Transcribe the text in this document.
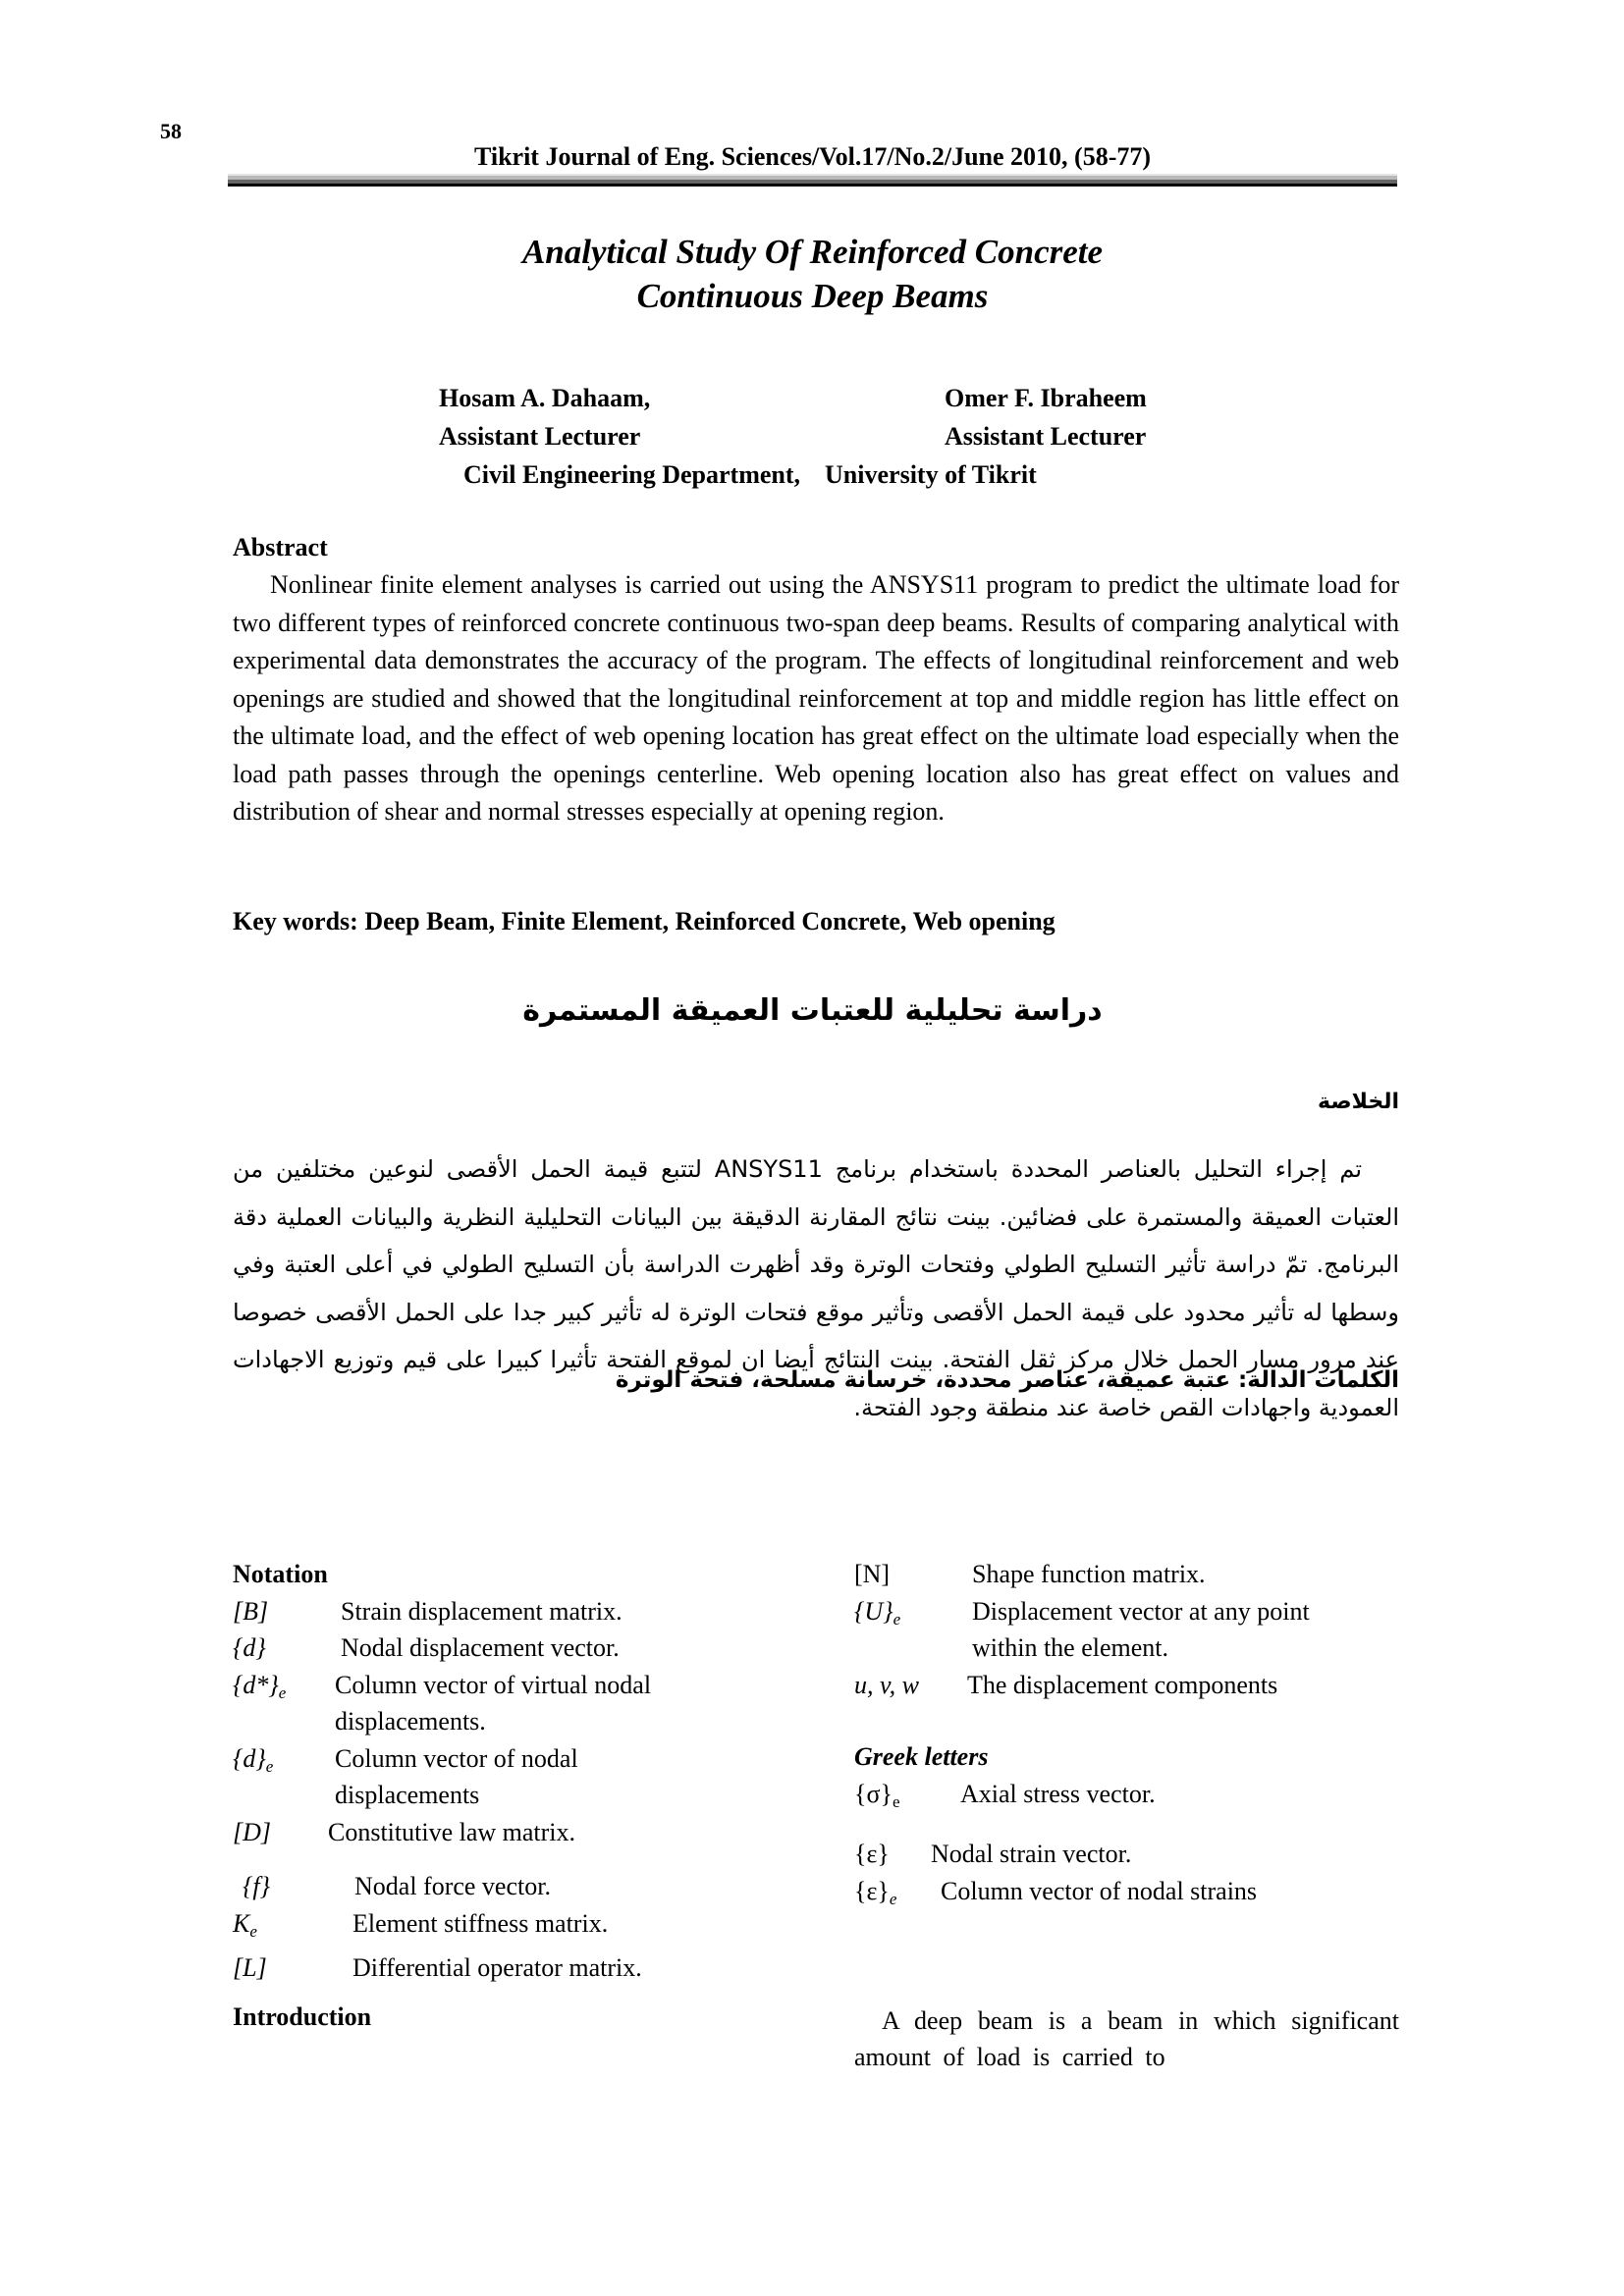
58
Tikrit Journal of Eng. Sciences/Vol.17/No.2/June 2010, (58-77)
Analytical Study Of Reinforced Concrete
Continuous Deep Beams
Hosam A. Dahaam,	Omer F. Ibraheem
Assistant Lecturer	Assistant Lecturer
Civil Engineering Department, University of Tikrit
Abstract
Nonlinear finite element analyses is carried out using the ANSYS11 program to predict the ultimate load for two different types of reinforced concrete continuous two-span deep beams. Results of comparing analytical with experimental data demonstrates the accuracy of the program. The effects of longitudinal reinforcement and web openings are studied and showed that the longitudinal reinforcement at top and middle region has little effect on the ultimate load, and the effect of web opening location has great effect on the ultimate load especially when the load path passes through the openings centerline. Web opening location also has great effect on values and distribution of shear and normal stresses especially at opening region.
Key words: Deep Beam, Finite Element, Reinforced Concrete, Web opening
دراسة تحليلية للعتبات العميقة المستمرة
الخلاصة
تم إجراء التحليل بالعناصر المحددة باستخدام برنامج ANSYS11 لتتبع قيمة الحمل الأقصى لنوعين مختلفين من العتبات العميقة والمستمرة على فضائين. بينت نتائج المقارنة الدقيقة بين البيانات التحليلية النظرية والبيانات العملية دقة البرنامج. تمّ دراسة تأثير التسليح الطولي وفتحات الوترة وقد أظهرت الدراسة بأن التسليح الطولي في أعلى العتبة وفي وسطها له تأثير محدود على قيمة الحمل الأقصى وتأثير موقع فتحات الوترة له تأثير كبير جدا على الحمل الأقصى خصوصا عند مرور مسار الحمل خلال مركز ثقل الفتحة. بينت النتائج أيضا ان لموقع الفتحة تأثيرا كبيرا على قيم وتوزيع الاجهادات العمودية واجهادات القص خاصة عند منطقة وجود الفتحة.
الكلمات الدالة: عتبة عميقة، عناصر محددة، خرسانة مسلحة، فتحة الوترة
Notation
[B]	Strain displacement matrix.
{d}	Nodal displacement vector.
$\{d*\}_e$	Column vector of virtual nodal displacements.
$\{d\}_e$	Column vector of nodal displacements
[D]	Constitutive law matrix.
{f}	Nodal force vector.
$K_e$	Element stiffness matrix.
[L]	Differential operator matrix.
[N]	Shape function matrix.
$\{U\}_e$	Displacement vector at any point within the element.
u, v, w	The displacement components
Greek letters
$\{\sigma\}_e$	Axial stress vector.
{ε}	Nodal strain vector.
$\{\varepsilon\}_e$	Column vector of nodal strains
Introduction	A deep beam is a beam in which significant amount of load is carried to
